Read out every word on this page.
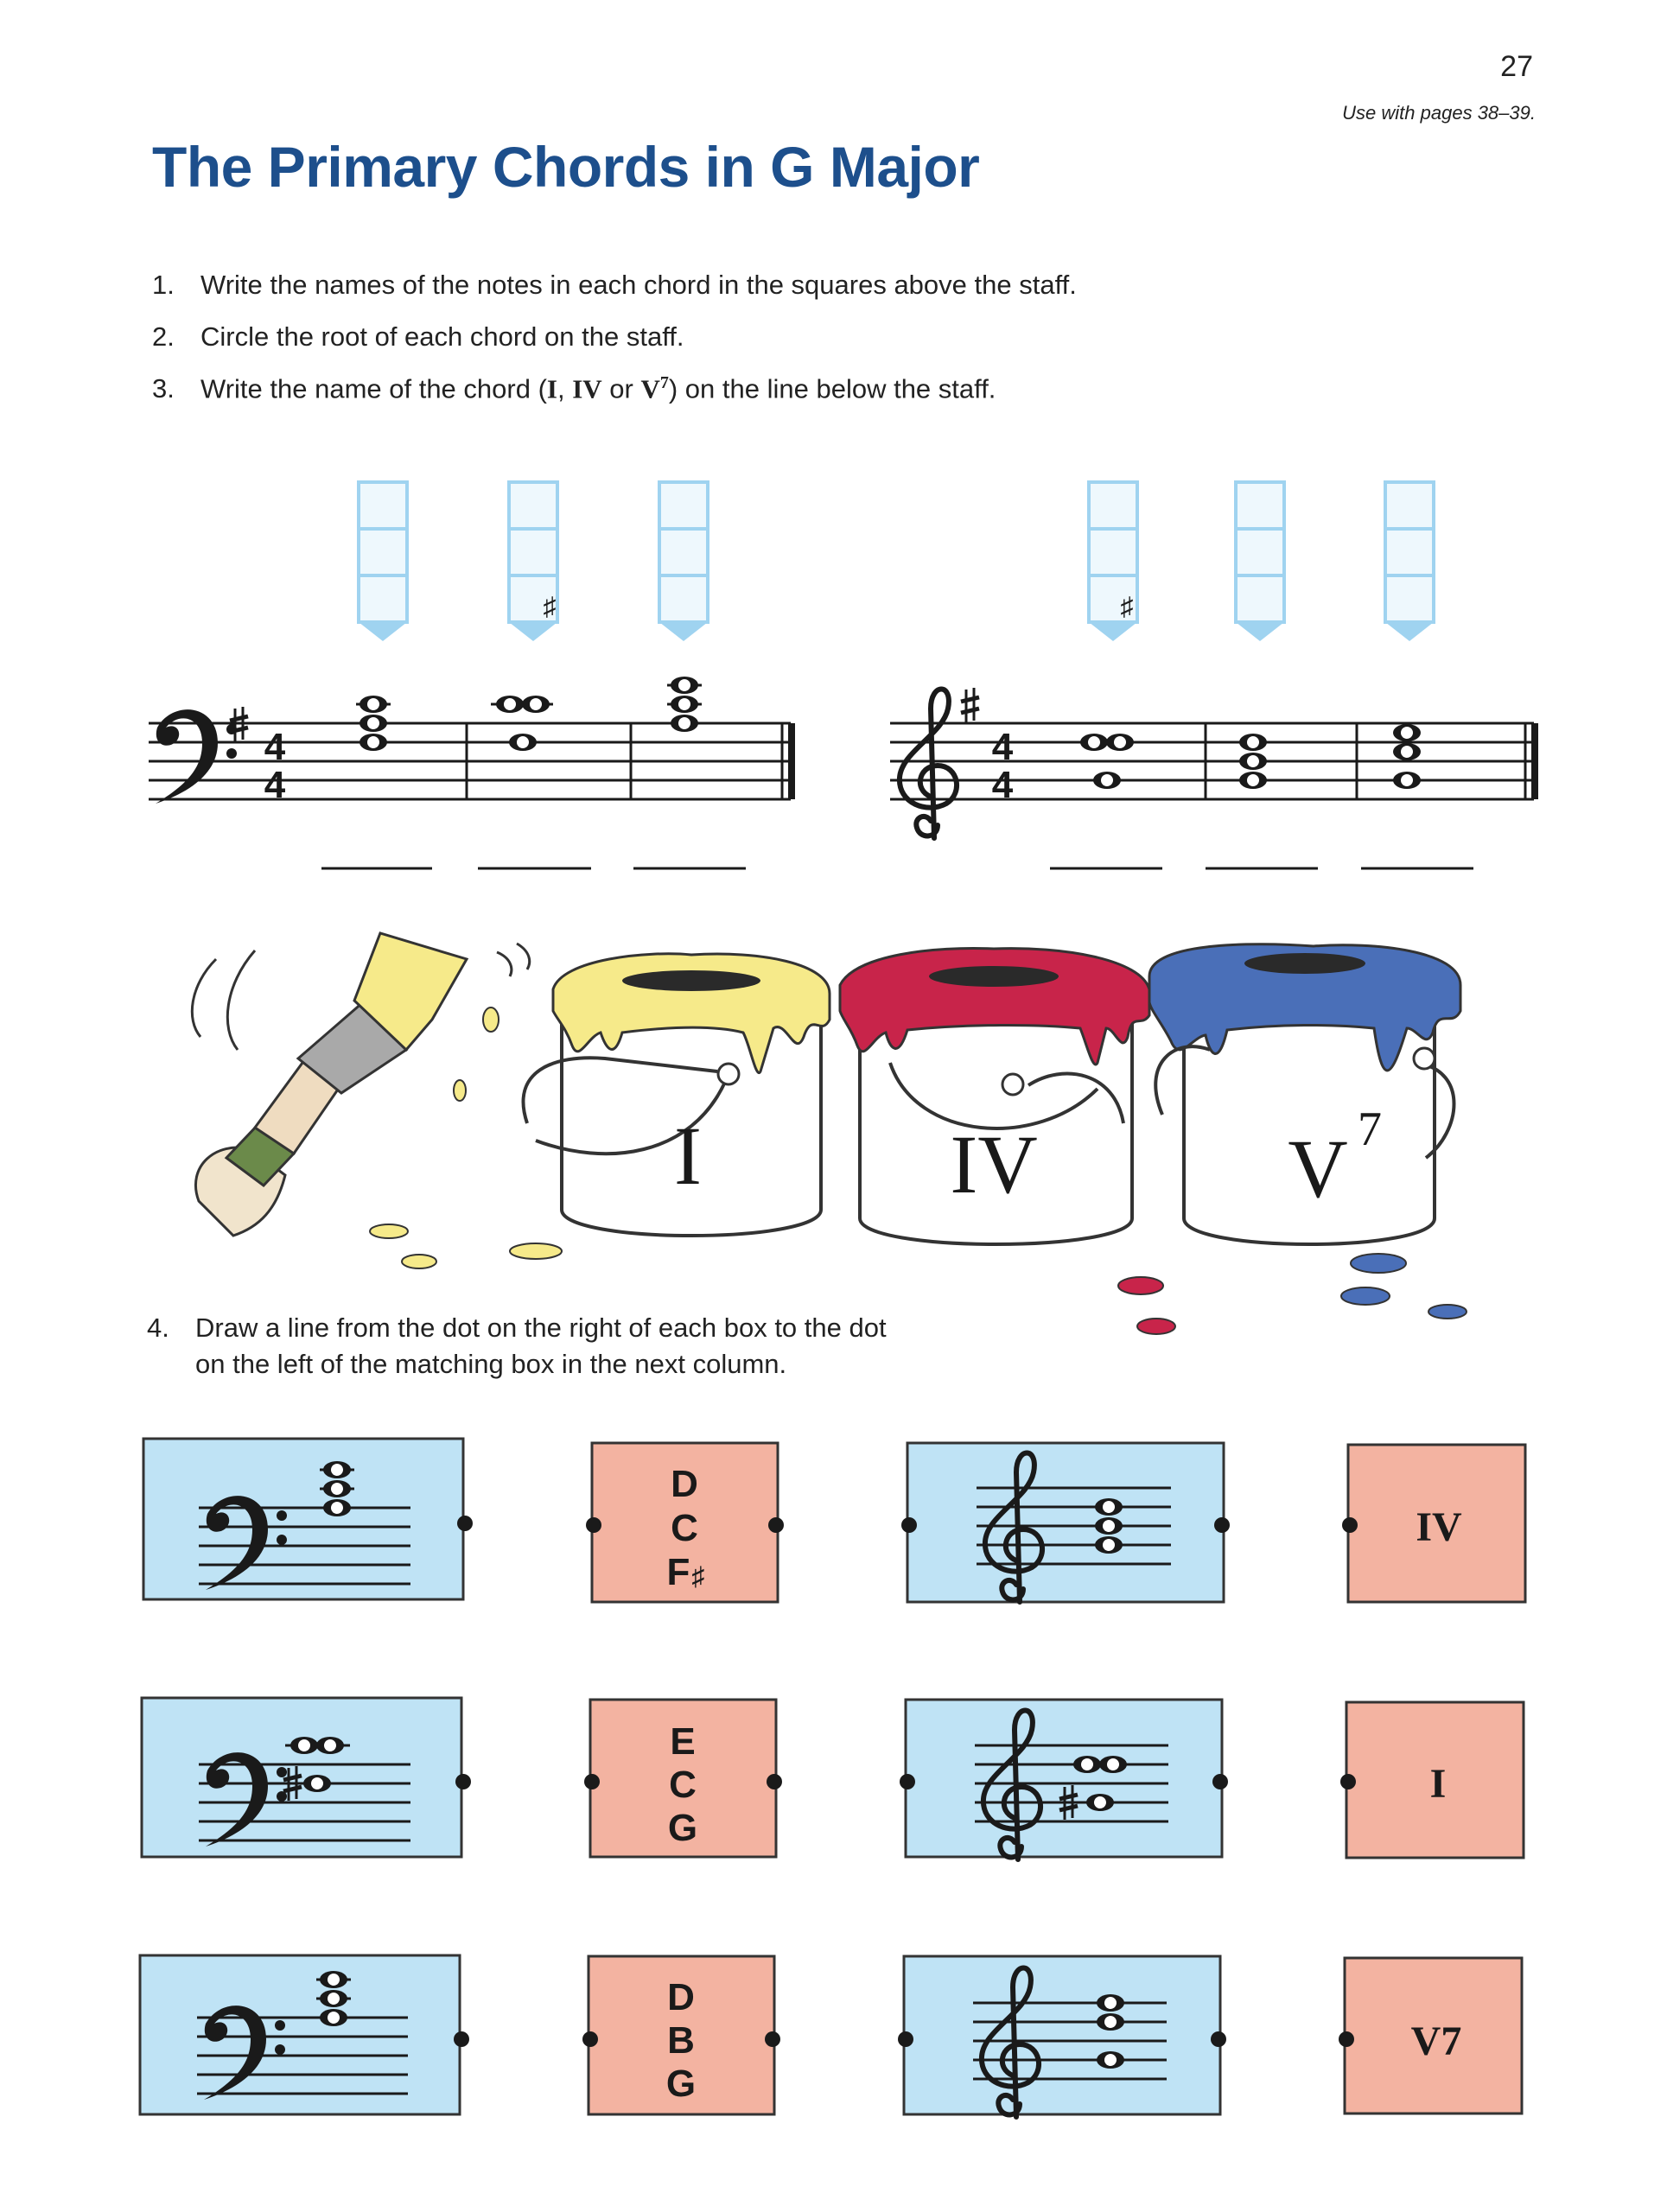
27
Use with pages 38–39.
The Primary Chords in G Major
1. Write the names of the notes in each chord in the squares above the staff.
2. Circle the root of each chord on the staff.
3. Write the name of the chord (I, IV or $V^7$) on the line below the staff.
♯	♯
4
4
4
4
I	IV	V 7
D
C
F ♯
IV
E
C
G
I
D
B
G
V7
4. Draw a line from the dot on the right of each box to the dot
on the left of the matching box in the next column.
